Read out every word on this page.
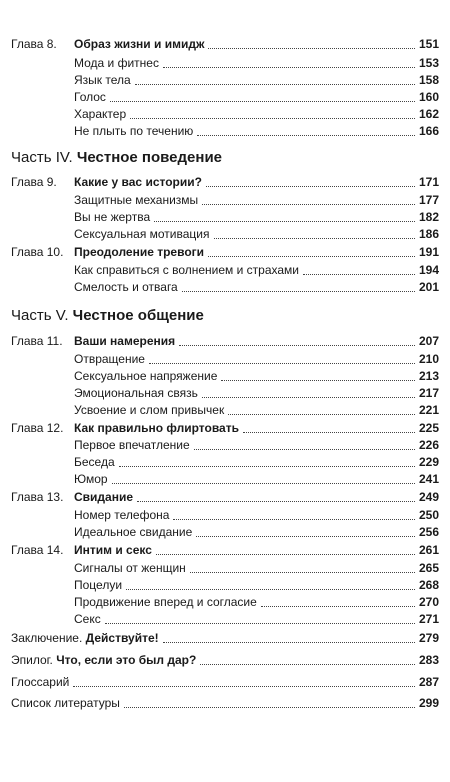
Глава 8. Образ жизни и имидж	151
Мода и фитнес	153
Язык тела	158
Голос	160
Характер	162
Не плыть по течению	166
Часть IV. Честное поведение
Глава 9. Какие у вас истории?	171
Защитные механизмы	177
Вы не жертва	182
Сексуальная мотивация	186
Глава 10. Преодоление тревоги	191
Как справиться с волнением и страхами	194
Смелость и отвага	201
Часть V. Честное общение
Глава 11. Ваши намерения	207
Отвращение	210
Сексуальное напряжение	213
Эмоциональная связь	217
Усвоение и слом привычек	221
Глава 12. Как правильно флиртовать	225
Первое впечатление	226
Беседа	229
Юмор	241
Глава 13. Свидание	249
Номер телефона	250
Идеальное свидание	256
Глава 14. Интим и секс	261
Сигналы от женщин	265
Поцелуи	268
Продвижение вперед и согласие	270
Секс	271
Заключение. Действуйте!	279
Эпилог. Что, если это был дар?	283
Глоссарий	287
Список литературы	299
